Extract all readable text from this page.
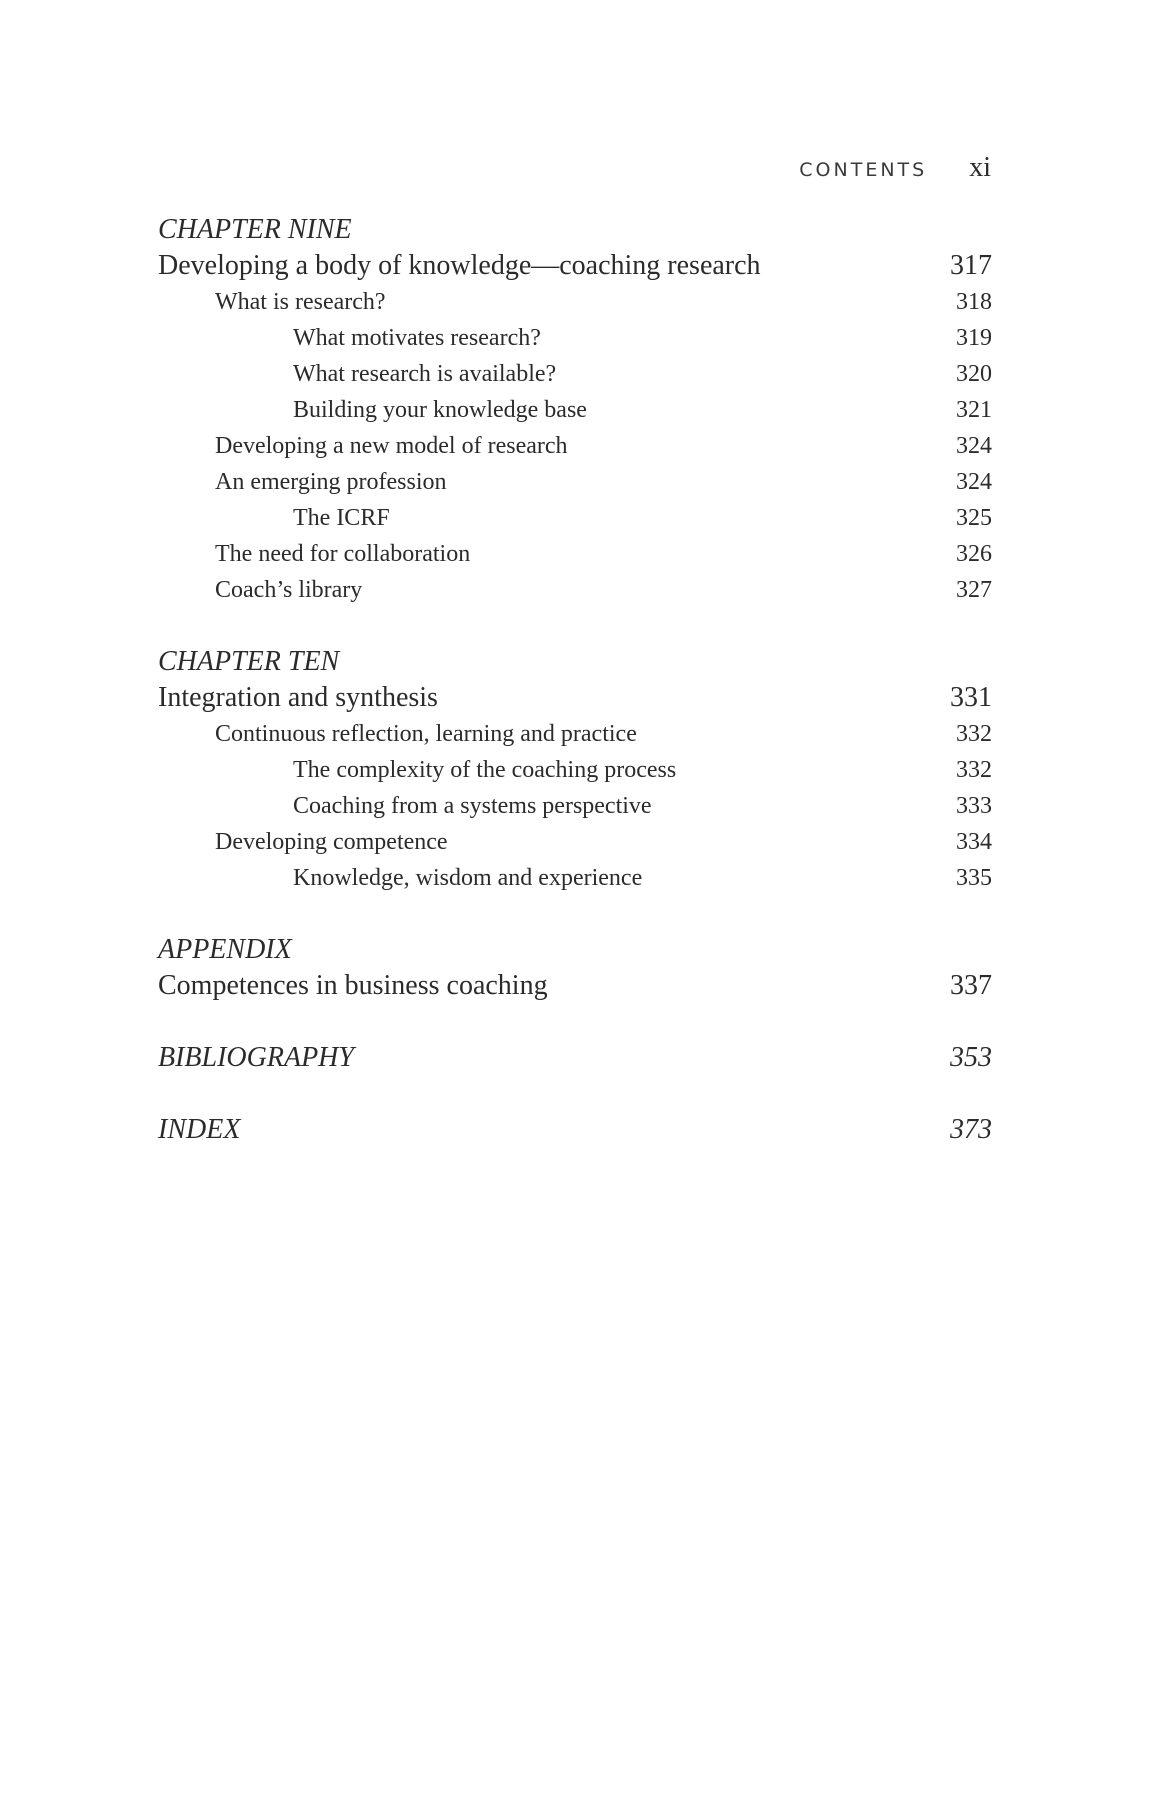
CONTENTS xi
CHAPTER NINE
Developing a body of knowledge—coaching research	317
What is research?	318
What motivates research?	319
What research is available?	320
Building your knowledge base	321
Developing a new model of research	324
An emerging profession	324
The ICRF	325
The need for collaboration	326
Coach’s library	327
CHAPTER TEN
Integration and synthesis	331
Continuous reflection, learning and practice	332
The complexity of the coaching process	332
Coaching from a systems perspective	333
Developing competence	334
Knowledge, wisdom and experience	335
APPENDIX
Competences in business coaching	337
BIBLIOGRAPHY	353
INDEX	373
